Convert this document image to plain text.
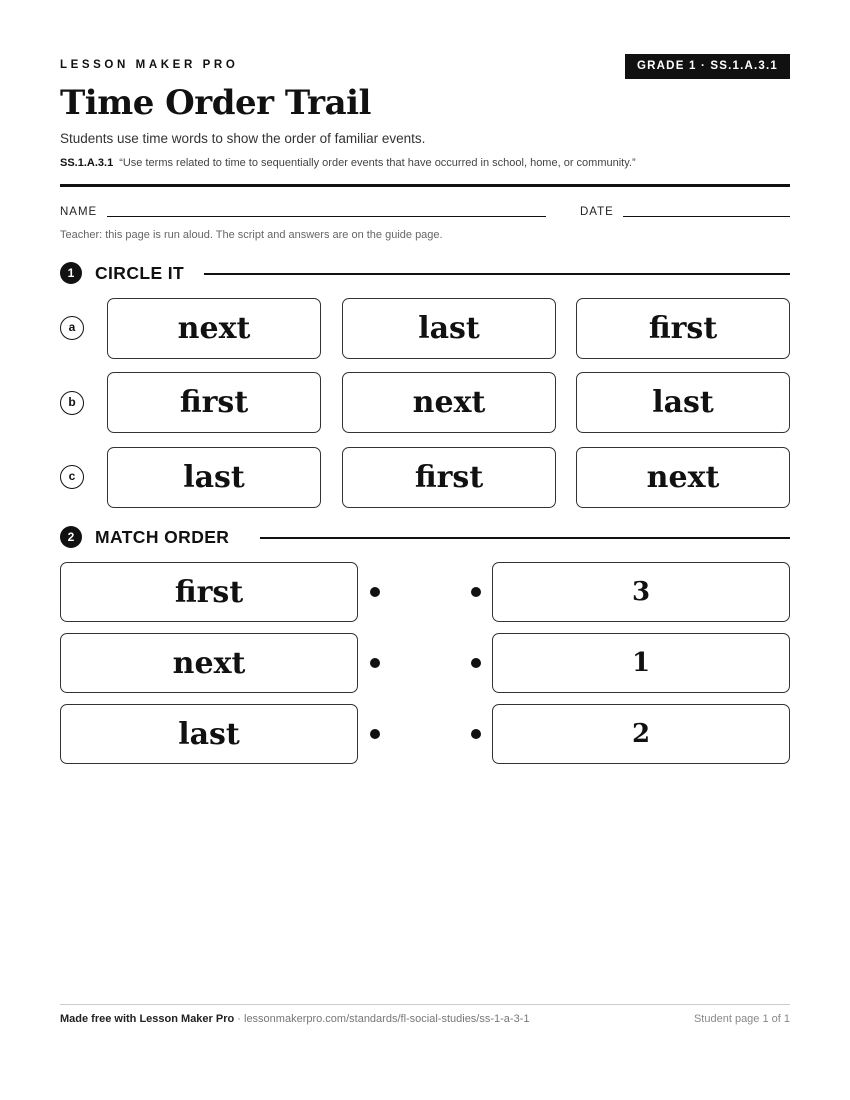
LESSON MAKER PRO	GRADE 1 · SS.1.A.3.1
Time Order Trail
Students use time words to show the order of familiar events.
SS.1.A.3.1 “Use terms related to time to sequentially order events that have occurred in school, home, or community.”
NAME	DATE
Teacher: this page is run aloud. The script and answers are on the guide page.
1	CIRCLE IT
a	next	last	first
b	first	next	last
c	last	first	next
2	MATCH ORDER
first	3
next	1
last	2
Made free with Lesson Maker Pro · lessonmakerpro.com/standards/fl-social-studies/ss-1-a-3-1	Student page 1 of 1
